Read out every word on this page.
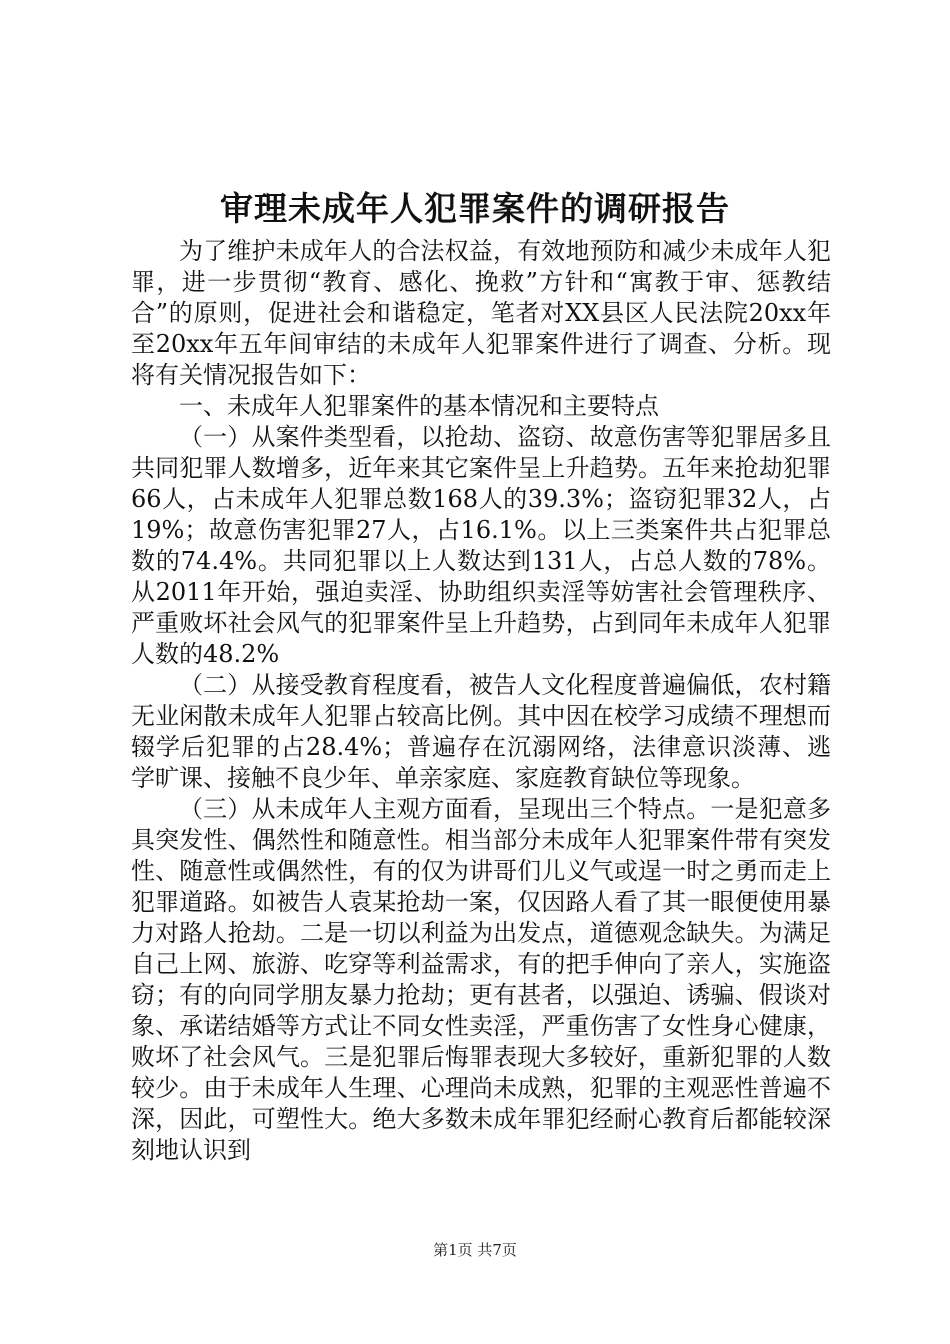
审理未成年人犯罪案件的调研报告

为了维护未成年人的合法权益，有效地预防和减少未成年人犯罪，进一步贯彻“教育、感化、挽救”方针和“寓教于审、惩教结合”的原则，促进社会和谐稳定，笔者对XX县区人民法院20xx年至20xx年五年间审结的未成年人犯罪案件进行了调查、分析。现将有关情况报告如下：

一、未成年人犯罪案件的基本情况和主要特点

（一）从案件类型看，以抢劫、盗窃、故意伤害等犯罪居多且共同犯罪人数增多，近年来其它案件呈上升趋势。五年来抢劫犯罪66人，占未成年人犯罪总数168人的39.3%；盗窃犯罪32人，占19%；故意伤害犯罪27人，占16.1%。以上三类案件共占犯罪总数的74.4%。共同犯罪以上人数达到131人，占总人数的78%。从2011年开始，强迫卖淫、协助组织卖淫等妨害社会管理秩序、严重败坏社会风气的犯罪案件呈上升趋势，占到同年未成年人犯罪人数的48.2%

（二）从接受教育程度看，被告人文化程度普遍偏低，农村籍无业闲散未成年人犯罪占较高比例。其中因在校学习成绩不理想而辍学后犯罪的占28.4%；普遍存在沉溺网络，法律意识淡薄、逃学旷课、接触不良少年、单亲家庭、家庭教育缺位等现象。

（三）从未成年人主观方面看，呈现出三个特点。一是犯意多具突发性、偶然性和随意性。相当部分未成年人犯罪案件带有突发性、随意性或偶然性，有的仅为讲哥们儿义气或逞一时之勇而走上犯罪道路。如被告人袁某抢劫一案，仅因路人看了其一眼便使用暴力对路人抢劫。二是一切以利益为出发点，道德观念缺失。为满足自己上网、旅游、吃穿等利益需求，有的把手伸向了亲人，实施盗窃；有的向同学朋友暴力抢劫；更有甚者，以强迫、诱骗、假谈对象、承诺结婚等方式让不同女性卖淫，严重伤害了女性身心健康，败坏了社会风气。三是犯罪后悔罪表现大多较好，重新犯罪的人数较少。由于未成年人生理、心理尚未成熟，犯罪的主观恶性普遍不深，因此，可塑性大。绝大多数未成年罪犯经耐心教育后都能较深刻地认识到

第1页 共7页
